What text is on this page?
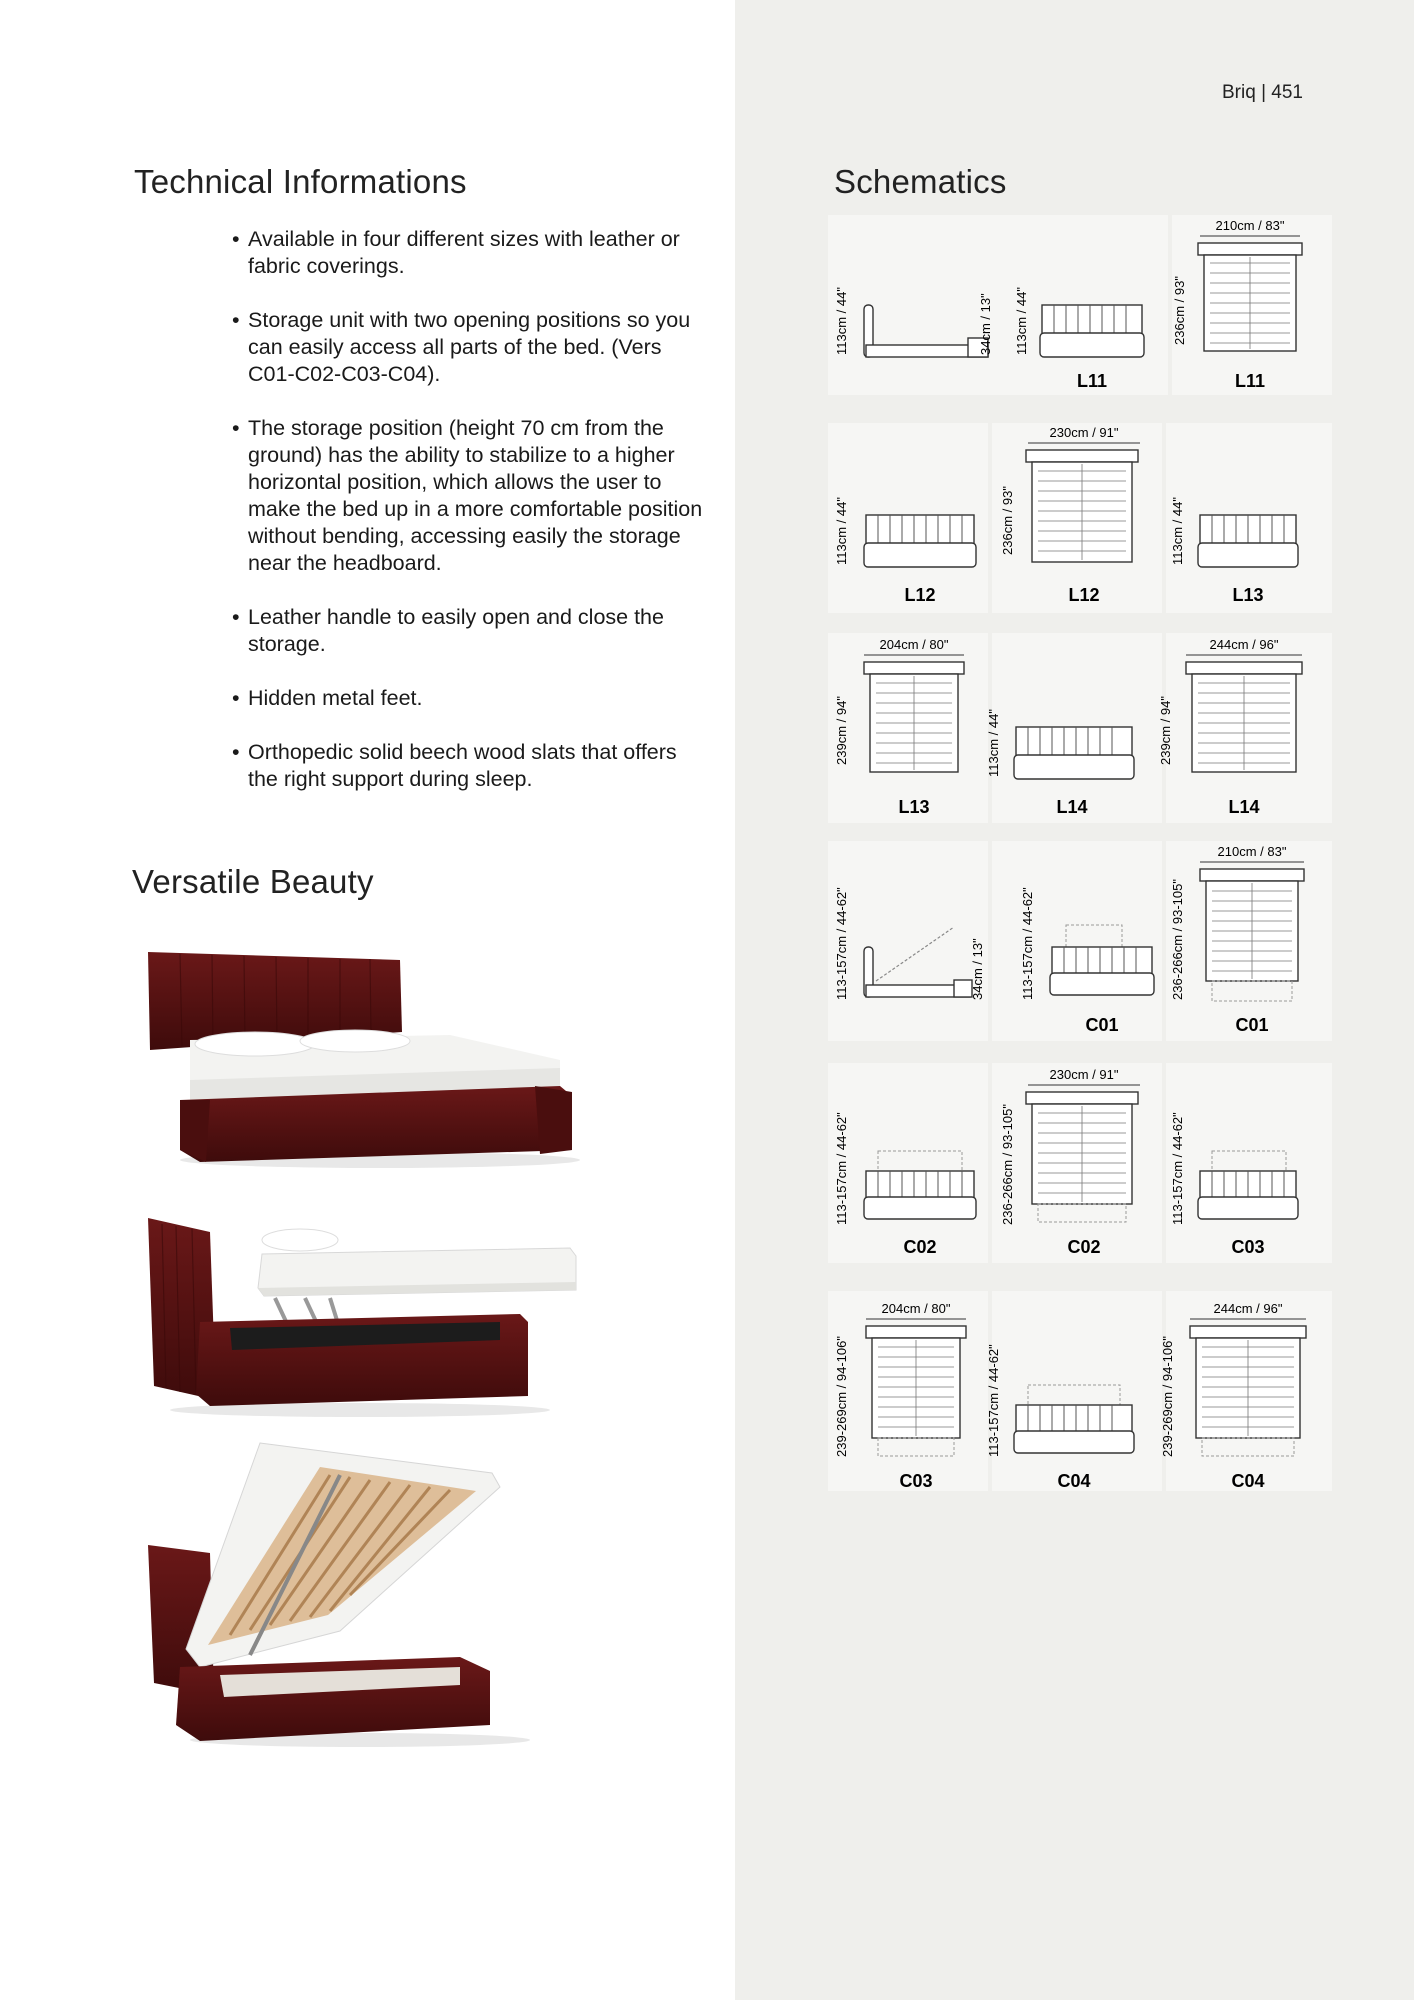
Briq | 451
Technical Informations
• Available in four different sizes with leather or fabric coverings.
• Storage unit with two opening positions so you can easily access all parts of the bed. (Vers C01-C02-C03-C04).
• The storage position (height 70 cm from the ground) has the ability to stabilize to a higher horizontal position, which allows the user to make the bed up in a more comfortable position without bending, accessing easily the storage near the headboard.
• Leather handle to easily open and close the storage.
• Hidden metal feet.
• Orthopedic solid beech wood slats that offers the right support during sleep.
Versatile Beauty
Schematics
113cm / 44"	34cm / 13" 113cm / 44"
L11
210cm / 83"
236cm / 93"
L11
113cm / 44"
L12
230cm / 91"
236cm / 93"
L12
113cm / 44"
L13
204cm / 80"
239cm / 94"
L13
113cm / 44"
L14
244cm / 96"
239cm / 94"
L14
113-157cm / 44-62"	34cm / 13"	113-157cm / 44-62"
C01
210cm / 83"
236-266cm / 93-105"
C01
113-157cm / 44-62"
C02
230cm / 91"
236-266cm / 93-105"
C02
113-157cm / 44-62"
C03
204cm / 80"
239-269cm / 94-106"
C03
113-157cm / 44-62"
C04
244cm / 96"
239-269cm / 94-106"
C04
